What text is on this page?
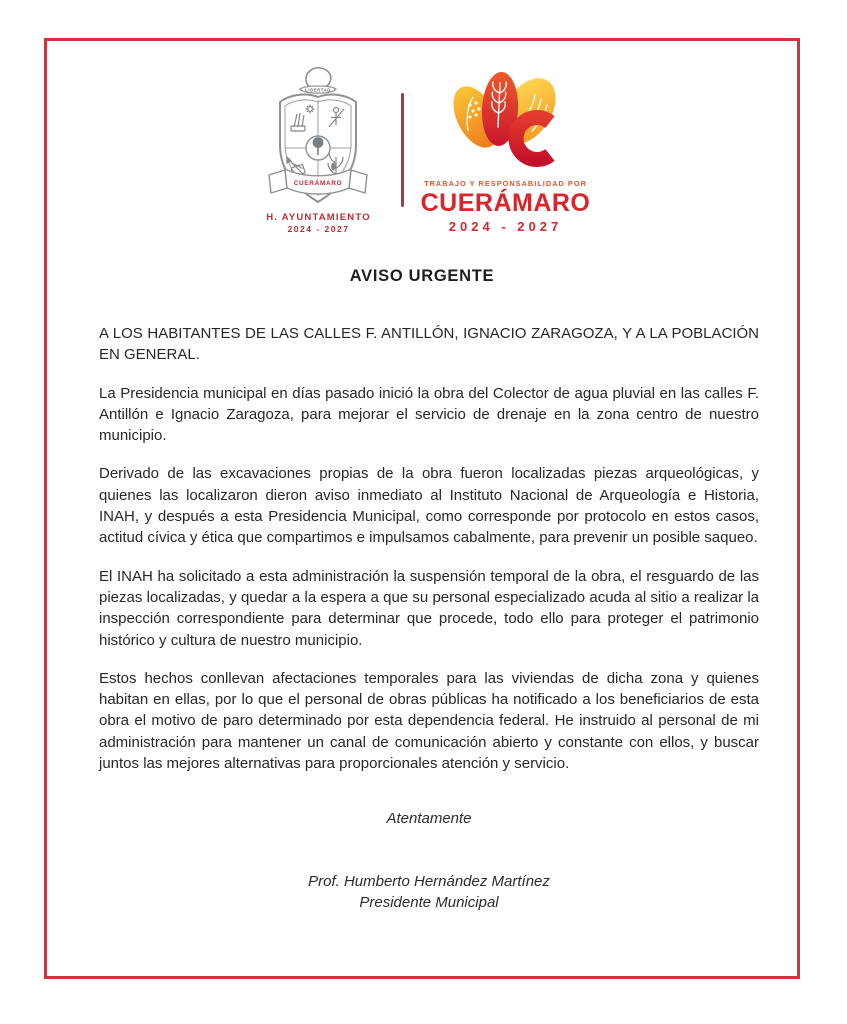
LIBERTAD
CUERÁMARO
H. AYUNTAMIENTO
2024 - 2027
TRABAJO Y RESPONSABILIDAD POR
CUERÁMARO
2024 - 2027
AVISO URGENTE

A LOS HABITANTES DE LAS CALLES F. ANTILLÓN, IGNACIO ZARAGOZA, Y A LA POBLACIÓN EN GENERAL.

La Presidencia municipal en días pasado inició la obra del Colector de agua pluvial en las calles F. Antillón e Ignacio Zaragoza, para mejorar el servicio de drenaje en la zona centro de nuestro municipio.

Derivado de las excavaciones propias de la obra fueron localizadas piezas arqueológicas, y quienes las localizaron dieron aviso inmediato al Instituto Nacional de Arqueología e Historia, INAH, y después a esta Presidencia Municipal, como corresponde por protocolo en estos casos, actitud cívica y ética que compartimos e impulsamos cabalmente, para prevenir un posible saqueo.

El INAH ha solicitado a esta administración la suspensión temporal de la obra, el resguardo de las piezas localizadas, y quedar a la espera a que su personal especializado acuda al sitio a realizar la inspección correspondiente para determinar que procede, todo ello para proteger el patrimonio histórico y cultura de nuestro municipio.

Estos hechos conllevan afectaciones temporales para las viviendas de dicha zona y quienes habitan en ellas, por lo que el personal de obras públicas ha notificado a los beneficiarios de esta obra el motivo de paro determinado por esta dependencia federal. He instruido al personal de mi administración para mantener un canal de comunicación abierto y constante con ellos, y buscar juntos las mejores alternativas para proporcionales atención y servicio.

Atentamente
Prof. Humberto Hernández Martínez
Presidente Municipal
